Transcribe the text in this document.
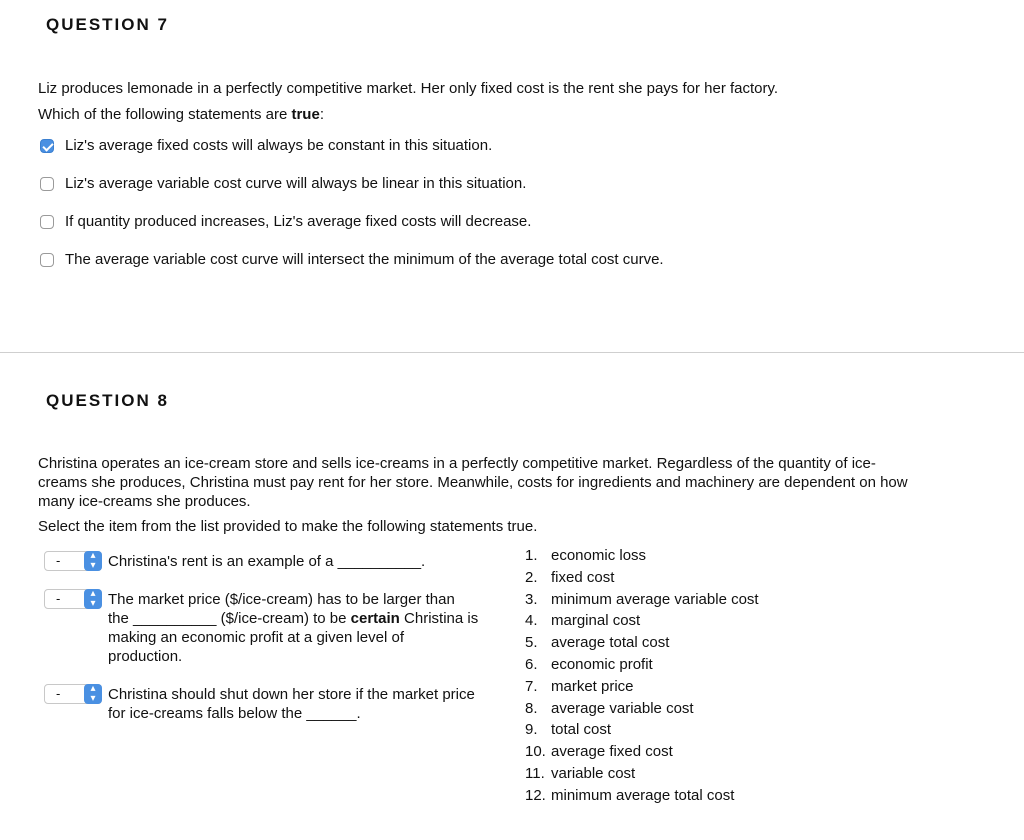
QUESTION 7
Liz produces lemonade in a perfectly competitive market. Her only fixed cost is the rent she pays for her factory.
Which of the following statements are true:
Liz's average fixed costs will always be constant in this situation.
Liz's average variable cost curve will always be linear in this situation.
If quantity produced increases, Liz's average fixed costs will decrease.
The average variable cost curve will intersect the minimum of the average total cost curve.
QUESTION 8
Christina operates an ice-cream store and sells ice-creams in a perfectly competitive market. Regardless of the quantity of ice-
creams she produces, Christina must pay rent for her store. Meanwhile, costs for ingredients and machinery are dependent on how
many ice-creams she produces.
Select the item from the list provided to make the following statements true.
-	▴
▾ Christina's rent is an example of a __________.
-	▴
▾ The market price ($/ice-cream) has to be larger than
the __________ ($/ice-cream) to be certain Christina is
making an economic profit at a given level of
production.
-	▴
▾ Christina should shut down her store if the market price
for ice-creams falls below the ______.
1. economic loss
2. fixed cost
3. minimum average variable cost
4. marginal cost
5. average total cost
6. economic profit
7. market price
8. average variable cost
9. total cost
10. average fixed cost
11. variable cost
12. minimum average total cost
